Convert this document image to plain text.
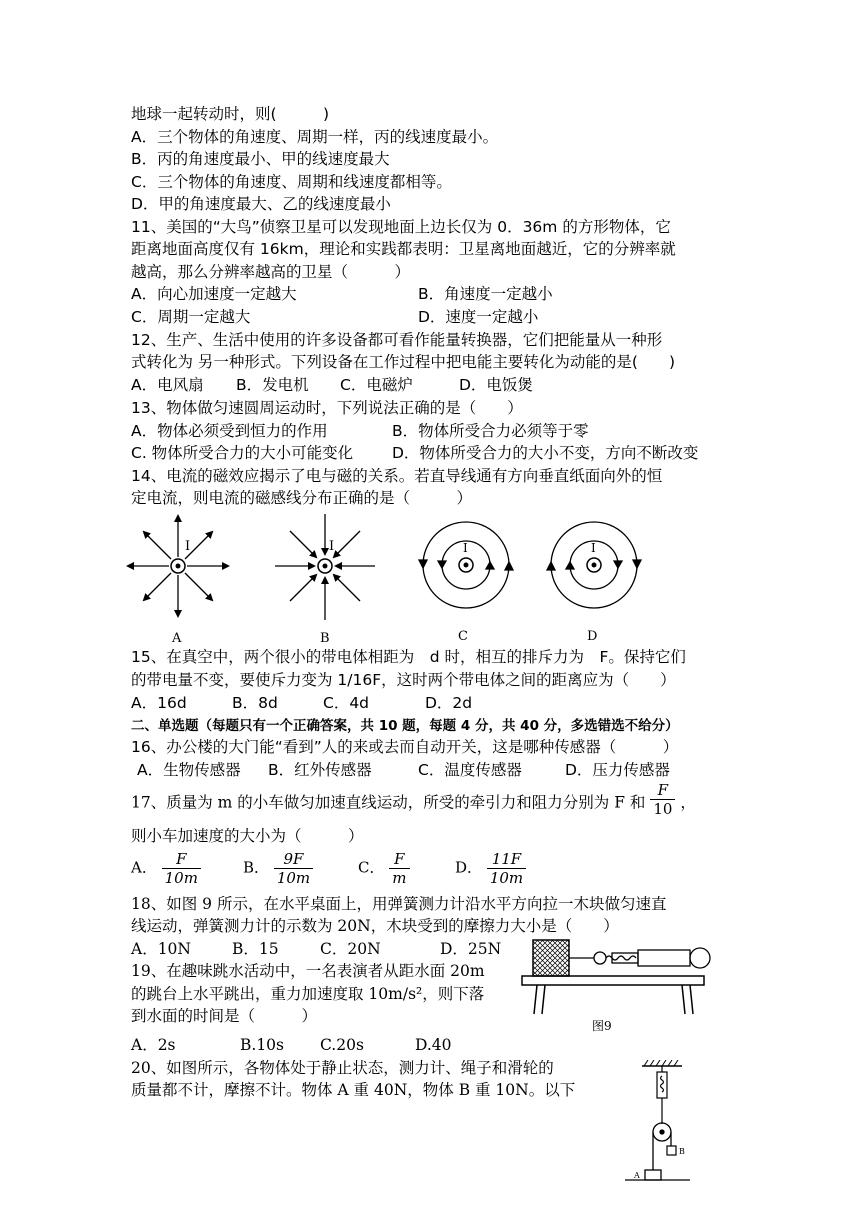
地球一起转动时，则(　　　)
A．三个物体的角速度、周期一样，丙的线速度最小。
B．丙的角速度最小、甲的线速度最大
C．三个物体的角速度、周期和线速度都相等。
D．甲的角速度最大、乙的线速度最小
11、美国的“大鸟”侦察卫星可以发现地面上边长仅为 0．36m 的方形物体，它
距离地面高度仅有 16km，理论和实践都表明：卫星离地面越近，它的分辨率就
越高，那么分辨率越高的卫星（　　　）
A．向心加速度一定越大	B．角速度一定越小
C．周期一定越大	D．速度一定越小
12、生产、生活中使用的许多设备都可看作能量转换器，它们把能量从一种形
式转化为 另一种形式。下列设备在工作过程中把电能主要转化为动能的是(　　)
A．电风扇 B．发电机 C．电磁炉	D．电饭煲
13、物体做匀速圆周运动时，下列说法正确的是（　　）
A．物体必须受到恒力的作用	B．物体所受合力必须等于零
C. 物体所受合力的大小可能变化	D．物体所受合力的大小不变，方向不断改变
14、电流的磁效应揭示了电与磁的关系。若直导线通有方向垂直纸面向外的恒
定电流，则电流的磁感线分布正确的是（　　　）
I
A
I
B
I
C
I
D
15、在真空中，两个很小的带电体相距为　d 时，相互的排斥力为　F。保持它们
的带电量不变，要使斥力变为 1/16F，这时两个带电体之间的距离应为（　　）
A．16d	B．8d	C．4d	D．2d
二、单选题（每题只有一个正确答案，共 10 题，每题 4 分，共 40 分，多选错选不给分）
16、办公楼的大门能“看到”人的来或去而自动开关，这是哪种传感器（　　　）
A．生物传感器 B．红外传感器	C．温度传感器	D．压力传感器
17、质量为 m 的小车做匀加速直线运动，所受的牵引力和阻力分别为 F 和 $\frac{F}{10}$ ，
则小车加速度的大小为（　　　）
A． $\frac{F}{10m}$	B． $\frac{9F}{10m}$	C． $\frac{F}{m}$	D． $\frac{11F}{10m}$
18、如图 9 所示，在水平桌面上，用弹簧测力计沿水平方向拉一木块做匀速直
线运动，弹簧测力计的示数为 20N，木块受到的摩擦力大小是（　　）
A．10N	B．15	C．20N	D．25N
图9
19、在趣味跳水活动中，一名表演者从距水面 20m
的跳台上水平跳出，重力加速度取 10m/s²，则下落
到水面的时间是（　　　）
A．2s	B.10s C.20s	D.40
20、如图所示，各物体处于静止状态，测力计、绳子和滑轮的
质量都不计，摩擦不计。物体 A 重 40N，物体 B 重 10N。以下
B
A
